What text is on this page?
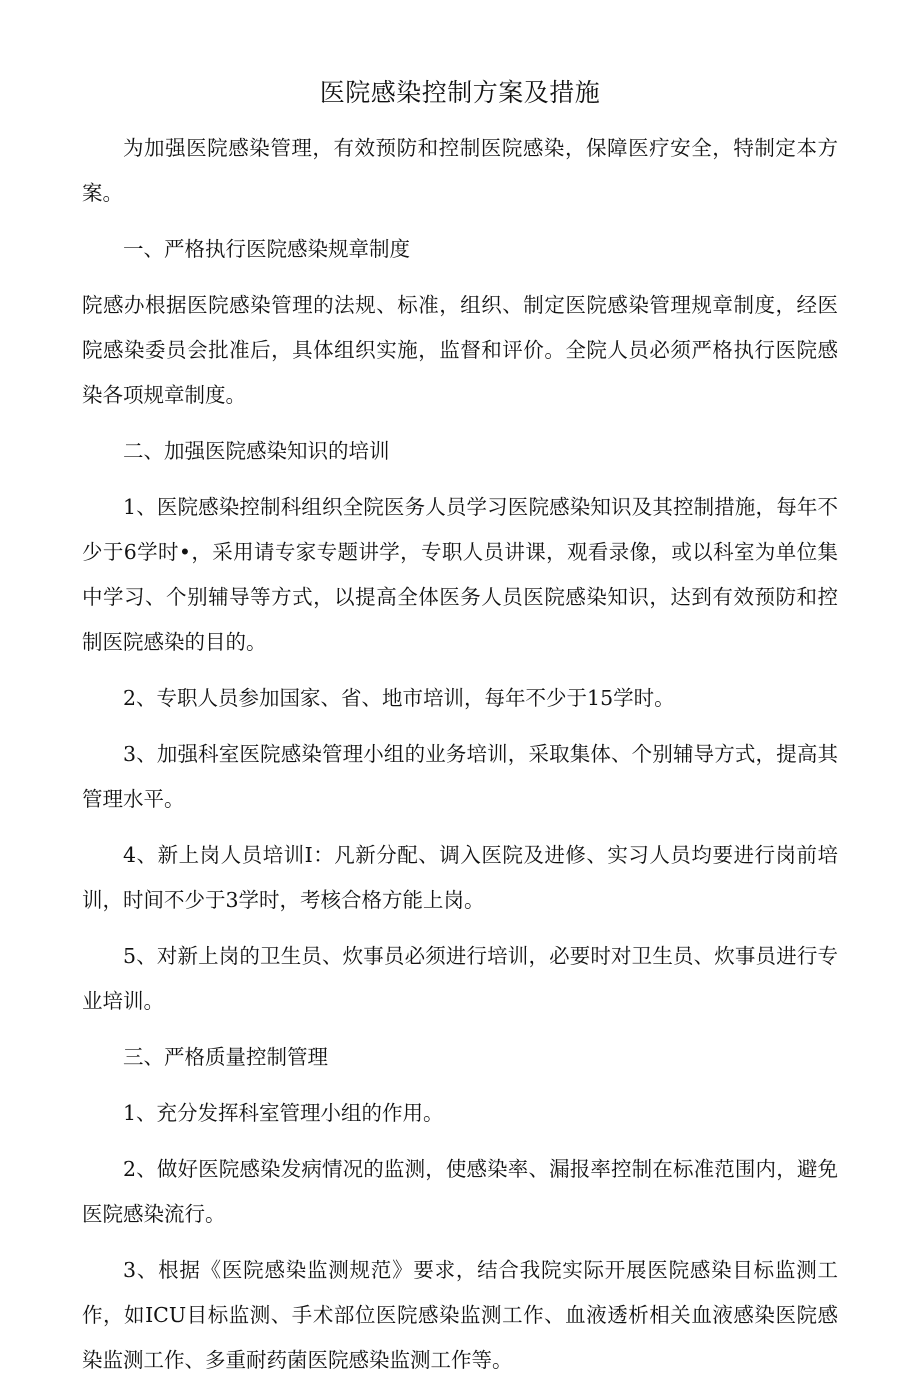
医院感染控制方案及措施

为加强医院感染管理，有效预防和控制医院感染，保障医疗安全，特制定本方案。

一、严格执行医院感染规章制度

院感办根据医院感染管理的法规、标准，组织、制定医院感染管理规章制度，经医院感染委员会批准后，具体组织实施，监督和评价。全院人员必须严格执行医院感染各项规章制度。

二、加强医院感染知识的培训

1、医院感染控制科组织全院医务人员学习医院感染知识及其控制措施，每年不少于6学时•，采用请专家专题讲学，专职人员讲课，观看录像，或以科室为单位集中学习、个别辅导等方式，以提高全体医务人员医院感染知识，达到有效预防和控制医院感染的目的。

2、专职人员参加国家、省、地市培训，每年不少于15学时。

3、加强科室医院感染管理小组的业务培训，采取集体、个别辅导方式，提高其管理水平。

4、新上岗人员培训I：凡新分配、调入医院及进修、实习人员均要进行岗前培训，时间不少于3学时，考核合格方能上岗。

5、对新上岗的卫生员、炊事员必须进行培训，必要时对卫生员、炊事员进行专业培训。

三、严格质量控制管理

1、充分发挥科室管理小组的作用。

2、做好医院感染发病情况的监测，使感染率、漏报率控制在标准范围内，避免医院感染流行。

3、根据《医院感染监测规范》要求，结合我院实际开展医院感染目标监测工作，如ICU目标监测、手术部位医院感染监测工作、血液透析相关血液感染医院感染监测工作、多重耐药菌医院感染监测工作等。
